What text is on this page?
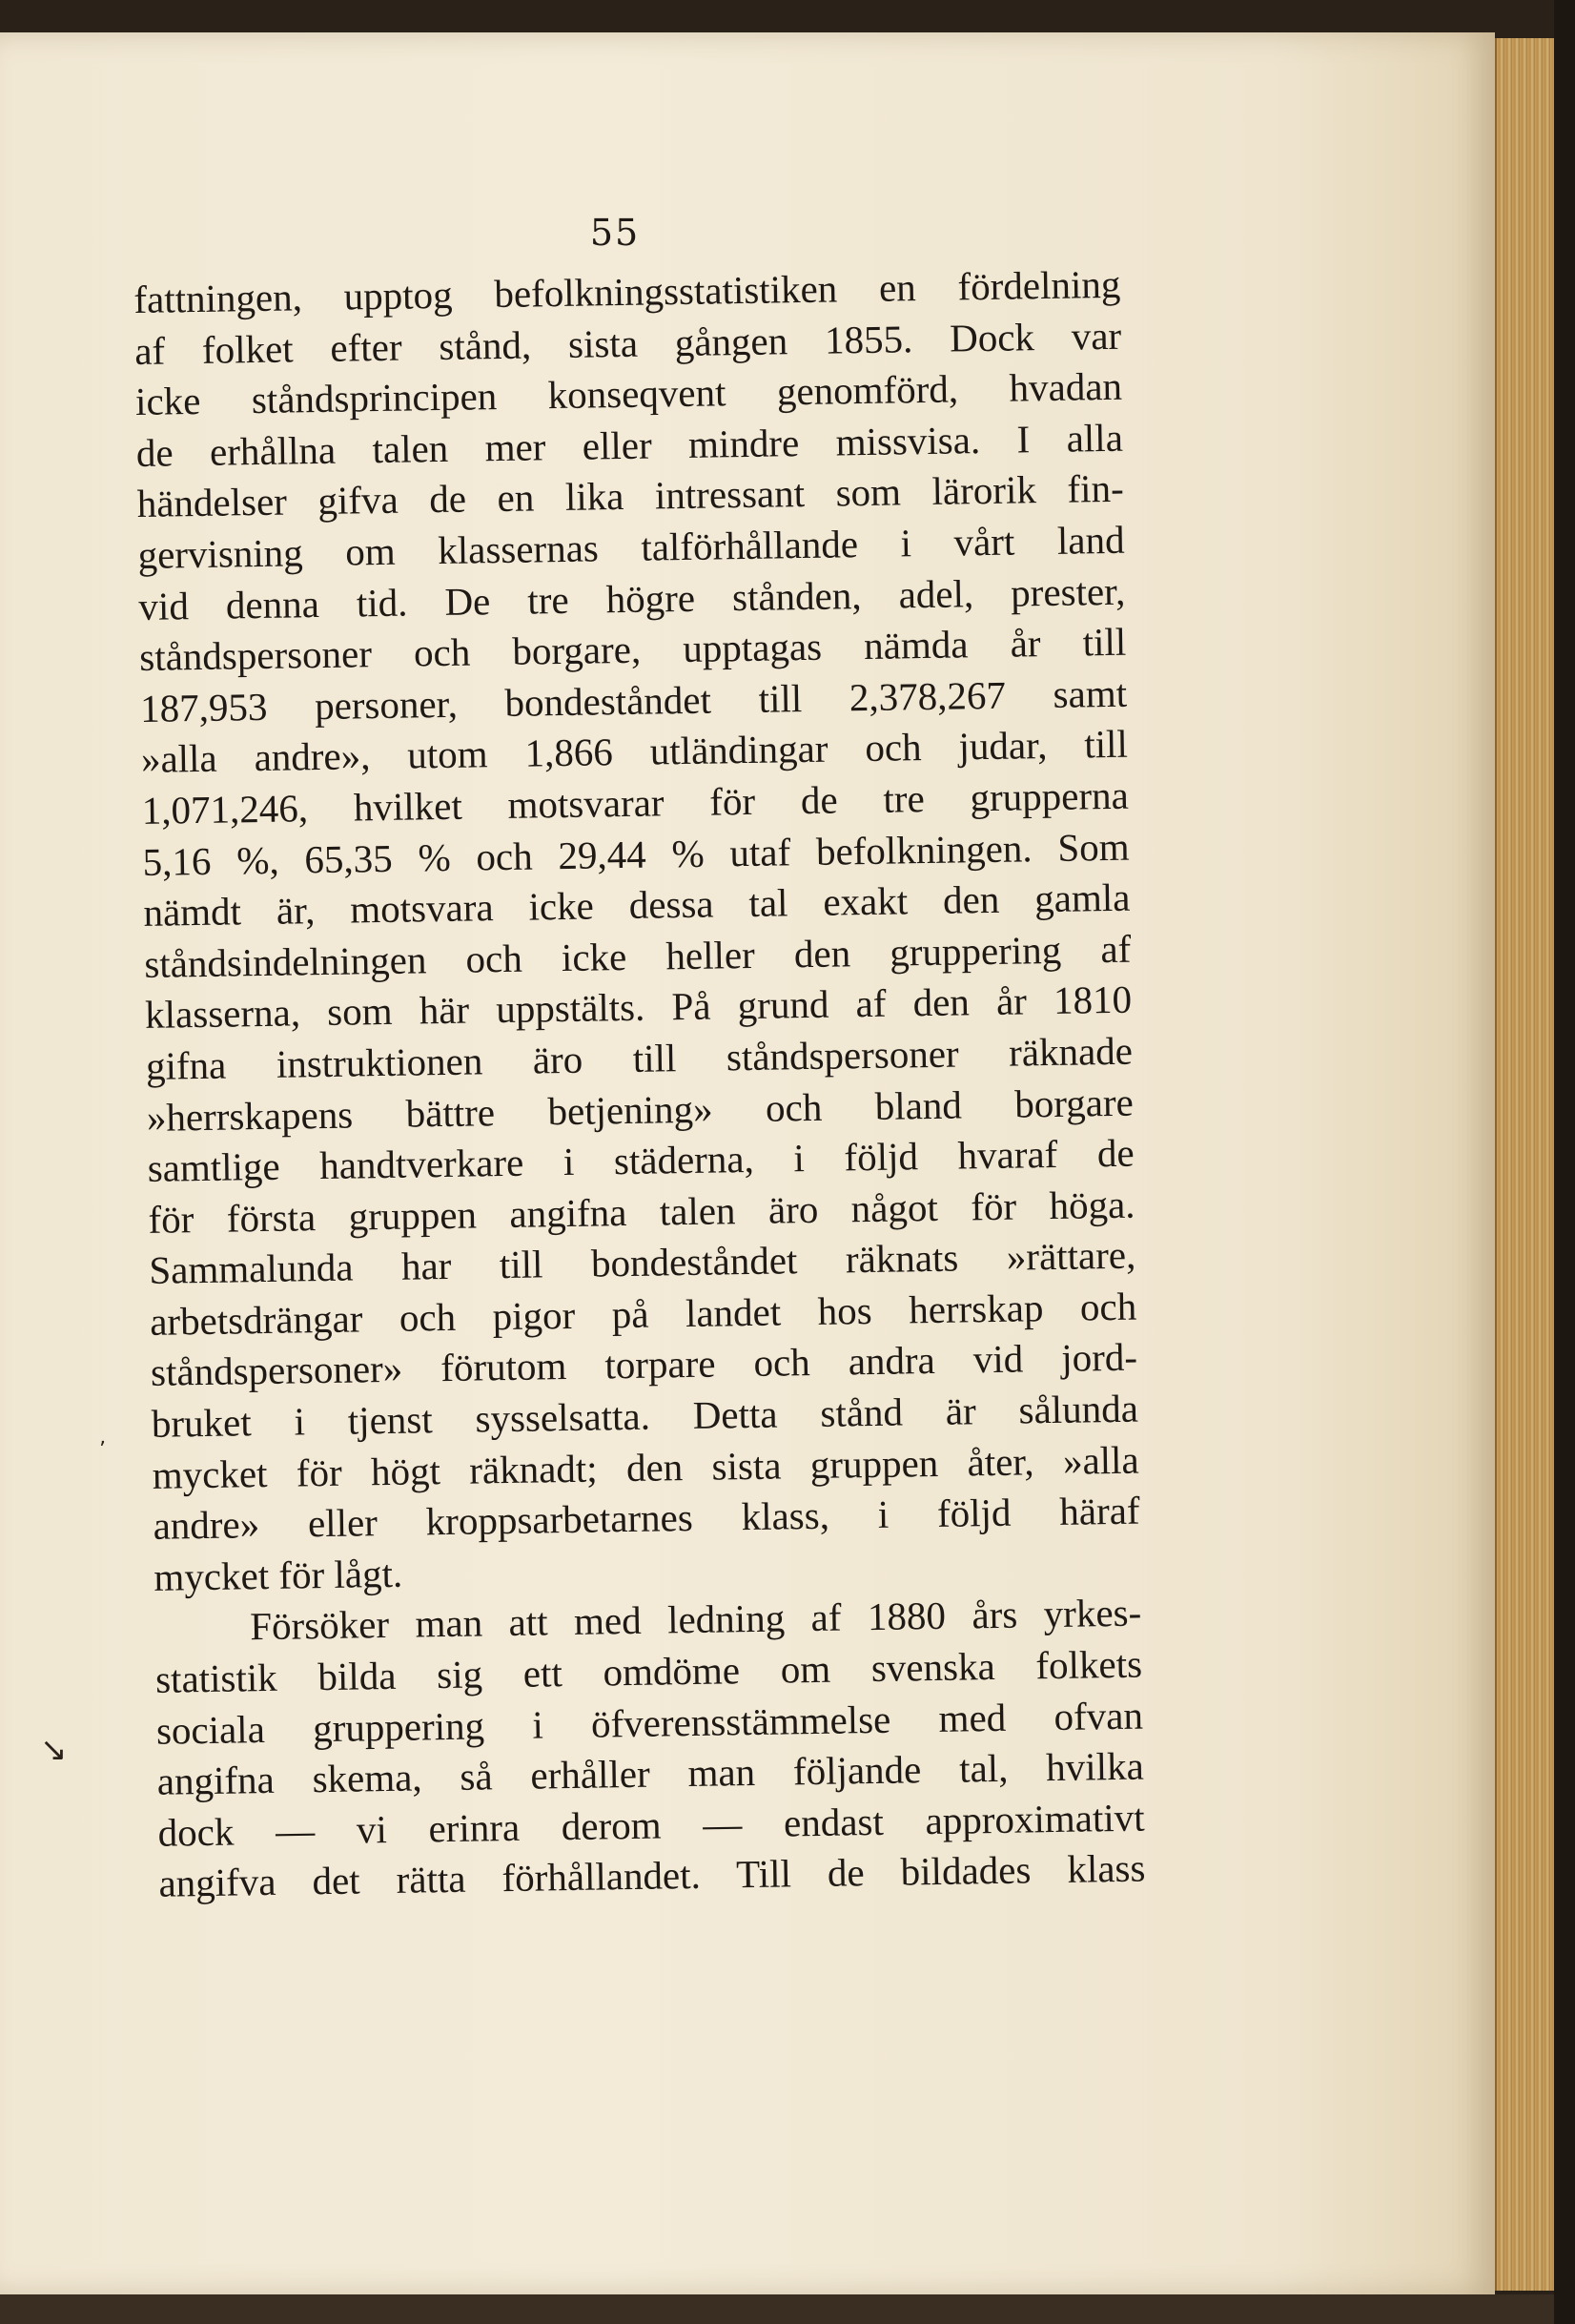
55
fattningen, upptog befolkningsstatistiken en fördelning
af folket efter stånd, sista gången 1855. Dock var
icke ståndsprincipen konseqvent genomförd, hvadan
de erhållna talen mer eller mindre missvisa. I alla
händelser gifva de en lika intressant som lärorik fin-
gervisning om klassernas talförhållande i vårt land
vid denna tid. De tre högre stånden, adel, prester,
ståndspersoner och borgare, upptagas nämda år till
187,953 personer, bondeståndet till 2,378,267 samt
»alla andre», utom 1,866 utländingar och judar, till
1,071,246, hvilket motsvarar för de tre grupperna
5,16 %, 65,35 % och 29,44 % utaf befolkningen. Som
nämdt är, motsvara icke dessa tal exakt den gamla
ståndsindelningen och icke heller den gruppering af
klasserna, som här uppstälts. På grund af den år 1810
gifna instruktionen äro till ståndspersoner räknade
»herrskapens bättre betjening» och bland borgare
samtlige handtverkare i städerna, i följd hvaraf de
för första gruppen angifna talen äro något för höga.
Sammalunda har till bondeståndet räknats »rättare,
arbetsdrängar och pigor på landet hos herrskap och
ståndspersoner» förutom torpare och andra vid jord-
bruket i tjenst sysselsatta. Detta stånd är sålunda
mycket för högt räknadt; den sista gruppen åter, »alla
andre» eller kroppsarbetarnes klass, i följd häraf
mycket för lågt.
Försöker man att med ledning af 1880 års yrkes-
statistik bilda sig ett omdöme om svenska folkets
sociala gruppering i öfverensstämmelse med ofvan
angifna skema, så erhåller man följande tal, hvilka
dock — vi erinra derom — endast approximativt
angifva det rätta förhållandet. Till de bildades klass
ʼ
↘
